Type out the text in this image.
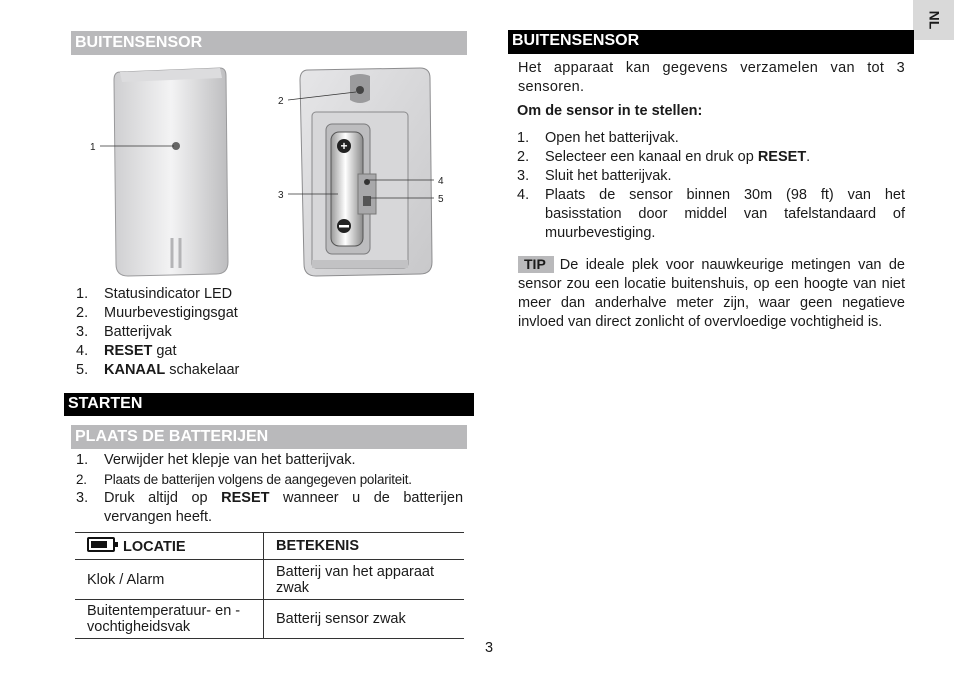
NL
BUITENSENSOR
+
1
2
3
4
5
1. Statusindicator LED
2. Muurbevestigingsgat
3. Batterijvak
4. RESET gat
5. KANAAL schakelaar
STARTEN
PLAATS DE BATTERIJEN
1. Verwijder het klepje van het batterijvak.
2. Plaats de batterijen volgens de aangegeven polariteit.
3. Druk altijd op RESET wanneer u de batterijen vervangen heeft.
LOCATIE	BETEKENIS
Klok / Alarm	Batterij van het apparaat zwak
Buitentemperatuur- en -vochtigheidsvak	Batterij sensor zwak
3
BUITENSENSOR
Het apparaat kan gegevens verzamelen van tot 3 sensoren.
Om de sensor in te stellen:
1. Open het batterijvak.
2. Selecteer een kanaal en druk op RESET.
3. Sluit het batterijvak.
4. Plaats de sensor binnen 30m (98 ft) van het basisstation door middel van tafelstandaard of muurbevestiging.
TIP De ideale plek voor nauwkeurige metingen van de sensor zou een locatie buitenshuis, op een hoogte van niet meer dan anderhalve meter zijn, waar geen negatieve invloed van direct zonlicht of overvloedige vochtigheid is.
